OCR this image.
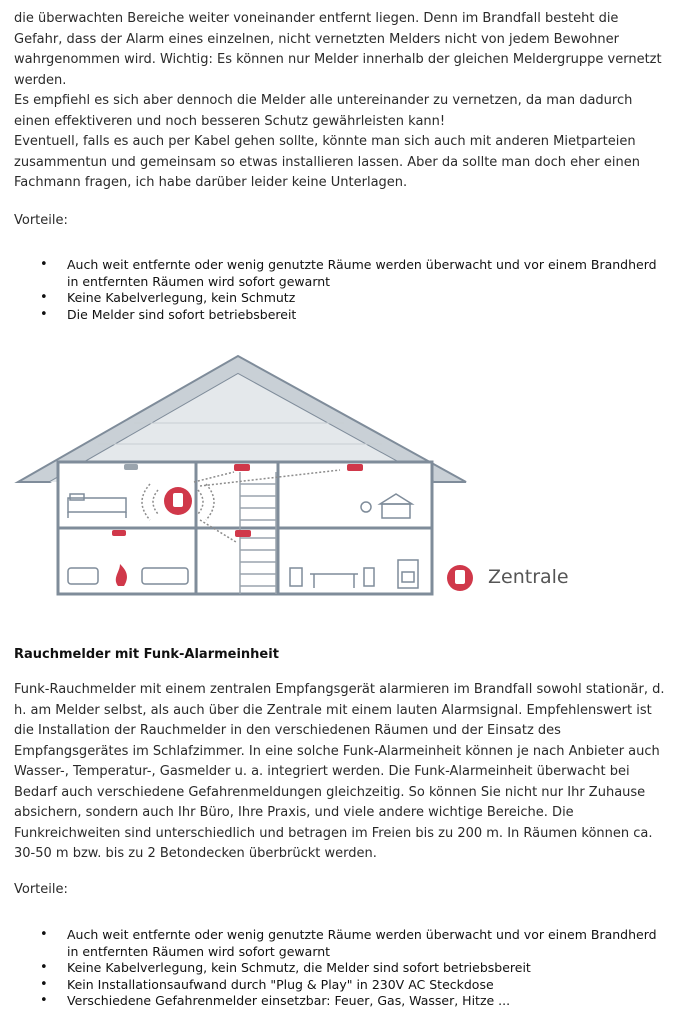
die überwachten Bereiche weiter voneinander entfernt liegen. Denn im Brandfall besteht die
Gefahr, dass der Alarm eines einzelnen, nicht vernetzten Melders nicht von jedem Bewohner
wahrgenommen wird. Wichtig: Es können nur Melder innerhalb der gleichen Meldergruppe vernetzt
werden.
Es empfiehl es sich aber dennoch die Melder alle untereinander zu vernetzen, da man dadurch
einen effektiveren und noch besseren Schutz gewährleisten kann!
Eventuell, falls es auch per Kabel gehen sollte, könnte man sich auch mit anderen Mietparteien
zusammentun und gemeinsam so etwas installieren lassen. Aber da sollte man doch eher einen
Fachmann fragen, ich habe darüber leider keine Unterlagen.

Vorteile:

• Auch weit entfernte oder wenig genutzte Räume werden überwacht und vor einem Brandherd in entfernten Räumen wird sofort gewarnt
• Keine Kabelverlegung, kein Schmutz
• Die Melder sind sofort betriebsbereit
Zentrale

Rauchmelder mit Funk-Alarmeinheit

Funk-Rauchmelder mit einem zentralen Empfangsgerät alarmieren im Brandfall sowohl stationär, d.
h. am Melder selbst, als auch über die Zentrale mit einem lauten Alarmsignal. Empfehlenswert ist
die Installation der Rauchmelder in den verschiedenen Räumen und der Einsatz des
Empfangsgerätes im Schlafzimmer. In eine solche Funk-Alarmeinheit können je nach Anbieter auch
Wasser-, Temperatur-, Gasmelder u. a. integriert werden. Die Funk-Alarmeinheit überwacht bei
Bedarf auch verschiedene Gefahrenmeldungen gleichzeitig. So können Sie nicht nur Ihr Zuhause
absichern, sondern auch Ihr Büro, Ihre Praxis, und viele andere wichtige Bereiche. Die
Funkreichweiten sind unterschiedlich und betragen im Freien bis zu 200 m. In Räumen können ca.
30-50 m bzw. bis zu 2 Betondecken überbrückt werden.

Vorteile:

• Auch weit entfernte oder wenig genutzte Räume werden überwacht und vor einem Brandherd in entfernten Räumen wird sofort gewarnt
• Keine Kabelverlegung, kein Schmutz, die Melder sind sofort betriebsbereit
• Kein Installationsaufwand durch "Plug & Play" in 230V AC Steckdose
• Verschiedene Gefahrenmelder einsetzbar: Feuer, Gas, Wasser, Hitze ...
